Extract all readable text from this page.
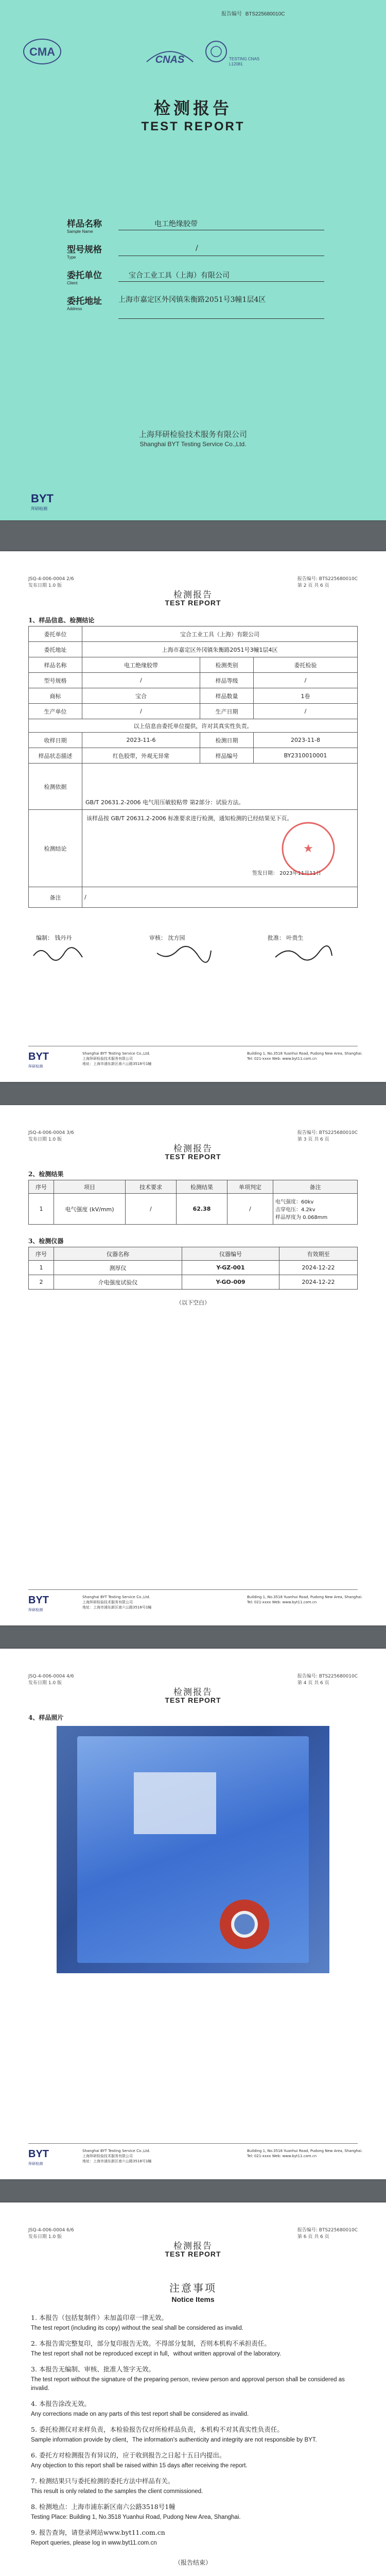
CMA
报告编号 BTS225680010C
CNAS	TESTING CNAS L12081
检测报告
TEST REPORT
样品名称
Sample Name
电工绝缘胶带
型号规格
Type
/
委托单位
Client
宝合工业工具（上海）有限公司
委托地址
Address
上海市嘉定区外冈镇朱衡路2051号3幢1层4区
上海拜研检验技术服务有限公司
Shanghai BYT Testing Service Co.,Ltd.
BYT
拜研检测
JSQ-4-006-0004 2/6
发布日期 1.0 版
报告编号: BTS225680010C
第 2 页 共 6 页
检测报告
TEST REPORT
1、样品信息、检测结论
委托单位	宝合工业工具（上海）有限公司		
委托地址	上海市嘉定区外冈镇朱衡路2051号3幢1层4区		
样品名称	电工绝缘胶带	检测类别	委托检验
型号规格	/	样品等级	/
商标	宝合	样品数量	1卷
生产单位	/	生产日期	/
以上信息由委托单位提供，许对其真实性负责。			
收样日期	2023-11-6	检测日期	2023-11-8
样品状态描述	红色胶带，外观无异常	样品编号	BY2310010001
检测依据	GB/T 20631.2-2006 电气用压敏胶粘带 第2部分：试验方法。		
检测结论	该样品按 GB/T 20631.2-2006 标准要求进行检测，通知检测的已经结果见下页。
签发日期： 2023年11月11日
★		

备注	/		
编制： 钱丹丹	审核： 沈方园	批准： 叶贵生
BYT
拜研检测
Shanghai BYT Testing Service Co.,Ltd.
上海拜研检验技术服务有限公司
地址：上海市浦东新区南六公路3518号1幢
Building 1, No.3518 Yuanhui Road, Pudong New Area, Shanghai.
Tel: 021-xxxx Web: www.byt11.com.cn
JSQ-4-006-0004 3/6
发布日期 1.0 版
报告编号: BTS225680010C
第 3 页 共 6 页
检测报告
TEST REPORT
2、检测结果
序号	项目	技术要求	检测结果	单项判定	备注
1	电气强度 (kV/mm)	/	62.38	/	电气强度：60kv
击穿电压：4.2kv
样品厚度为 0.068mm
3、检测仪器
序号	仪器名称	仪器编号	有效期至
1	测厚仪	Y-GZ-001	2024-12-22
2	介电强度试验仪	Y-GO-009	2024-12-22
（以下空白）
BYT
拜研检测
Shanghai BYT Testing Service Co.,Ltd.
上海拜研检验技术服务有限公司
地址：上海市浦东新区南六公路3518号1幢
Building 1, No.3518 Yuanhui Road, Pudong New Area, Shanghai.
Tel: 021-xxxx Web: www.byt11.com.cn
JSQ-4-006-0004 4/6
发布日期 1.0 版
报告编号: BTS225680010C
第 4 页 共 6 页
检测报告
TEST REPORT
4、样品照片
BYT
拜研检测
Shanghai BYT Testing Service Co.,Ltd.
上海拜研检验技术服务有限公司
地址：上海市浦东新区南六公路3518号1幢
Building 1, No.3518 Yuanhui Road, Pudong New Area, Shanghai.
Tel: 021-xxxx Web: www.byt11.com.cn
JSQ-4-006-0004 6/6
发布日期 1.0 版
报告编号: BTS225680010C
第 6 页 共 6 页
检测报告
TEST REPORT
注意事项
Notice Items
1. 本报告（包括复制件）未加盖印章一律无效。
The test report (including its copy) without the seal shall be considered as invalid.
2. 本报告需完整复印，部分复印报告无效。不得部分复制，否则本机构不承担责任。
The test report shall not be reproduced except in full，without written approval of the laboratory.
3. 本报告无编制、审核、批准人签字无效。
The test report without the signature of the preparing person, review person and approval person shall be considered as invalid.
4. 本报告涂改无效。
Any corrections made on any parts of this test report shall be considered as invalid.
5. 委托检测仅对来样负责，本检验报告仅对所检样品负责，本机构不对其真实性负责任。
Sample information provide by client，The information's authenticity and integrity are not responsible by BYT.
6. 委托方对检测报告有异议的，应于收到报告之日起十五日内提出。
Any objection to this report shall be raised within 15 days after receiving the report.
7. 检测结果只与委托检测的委托方法中样品有关。
This result is only related to the samples the client commissioned.
8. 检测地点：上海市浦东新区南六公路3518号1幢
Testing Place: Building 1, No.3518 Yuanhui Road, Pudong New Area, Shanghai.
9. 报告查询，请登录网站www.byt11.com.cn
Report queries, please log in www.byt11.com.cn
（报告结束）
